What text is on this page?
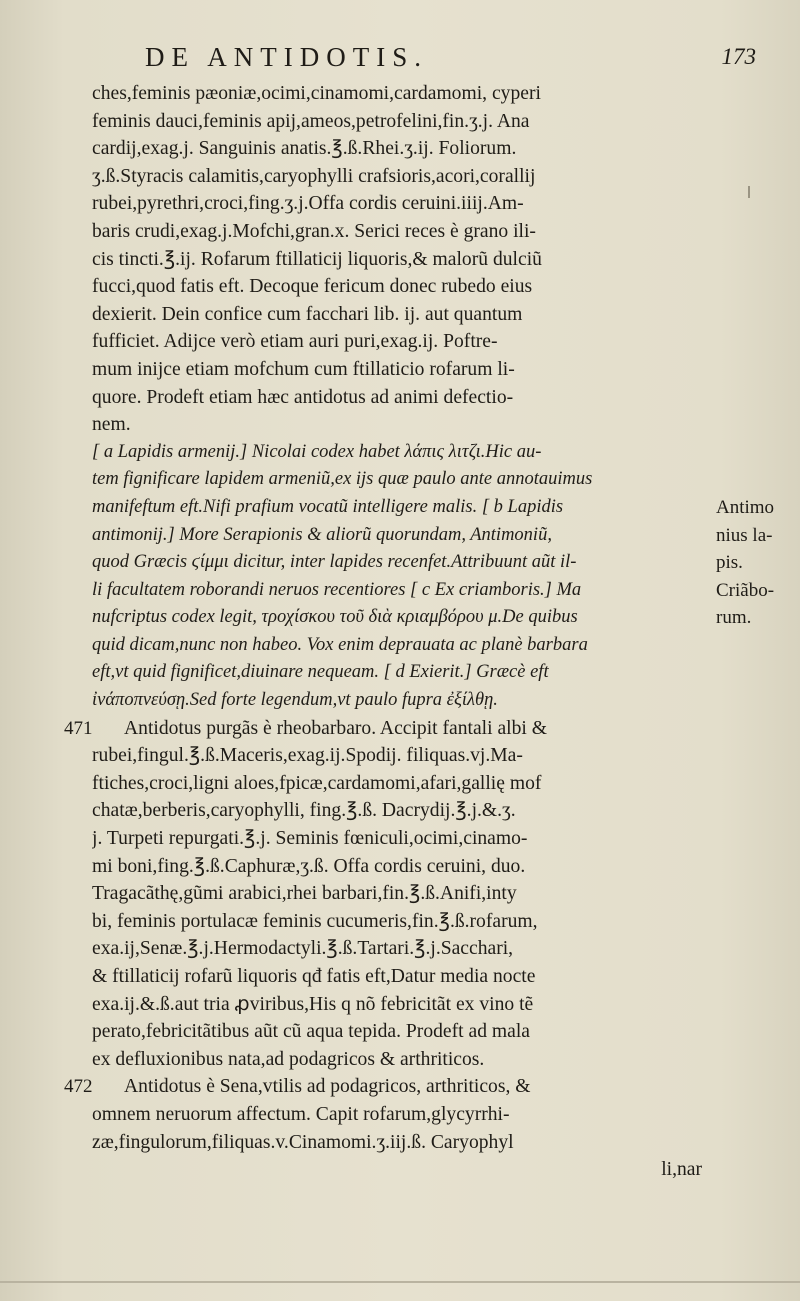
DE ANTIDOTIS.	173
ches,feminis pæoniæ,ocimi,cinamomi,cardamomi, cyperi
feminis dauci,feminis apij,ameos,petrofelini,fin.ʒ.j. Ana
cardij,exag.j. Sanguinis anatis.℥.ß.Rhei.ʒ.ij. Foliorum.
ʒ.ß.Styracis calamitis,caryophylli crafsioris,acori,corallij
rubei,pyrethri,croci,fing.ʒ.j.Offa cordis ceruini.iiij.Am-
baris crudi,exag.j.Mofchi,gran.x. Serici reces è grano ili-
cis tincti.℥.ij. Rofarum ftillaticij liquoris,& malorũ dulciũ
fucci,quod fatis eft. Decoque fericum donec rubedo eius
dexierit. Dein confice cum facchari lib. ij. aut quantum
fufficiet. Adijce verò etiam auri puri,exag.ij. Poftre-
mum inijce etiam mofchum cum ftillaticio rofarum li-
quore. Prodeft etiam hæc antidotus ad animi defectio-
nem.
[ a Lapidis armenij.] Nicolai codex habet λάπις λιτζι.Hic au-
tem fignificare lapidem armeniũ,ex ijs quæ paulo ante annotauimus
manifeftum eft.Nifi prafium vocatũ intelligere malis. [ b Lapidis
antimonij.] More Serapionis & aliorũ quorundam, Antimoniũ,
quod Græcis ϛίμμι dicitur, inter lapides recenfet.Attribuunt aũt il-
li facultatem roborandi neruos recentiores [ c Ex criamboris.] Ma
nufcriptus codex legit, τροχίσκου τοῦ διὰ κριαμβόρου μ.De quibus
quid dicam,nunc non habeo. Vox enim deprauata ac planè barbara
eft,vt quid fignificet,diuinare nequeam. [ d Exierit.] Græcè eft
ἰνάποπνεύσῃ.Sed forte legendum,vt paulo fupra ἐξίλθῃ.
Antidotus purgãs è rheobarbaro. Accipit fantali albi &
471
rubei,fingul.℥.ß.Maceris,exag.ij.Spodij. filiquas.vj.Ma-
ftiches,croci,ligni aloes,fpicæ,cardamomi,afari,gallię mof
chatæ,berberis,caryophylli, fing.℥.ß. Dacrydij.℥.j.&.ʒ.
j. Turpeti repurgati.℥.j. Seminis fœniculi,ocimi,cinamo-
mi boni,fing.℥.ß.Caphuræ,ʒ.ß. Offa cordis ceruini, duo.
Tragacãthę,gũmi arabici,rhei barbari,fin.℥.ß.Anifi,inty
bi, feminis portulacæ feminis cucumeris,fin.℥.ß.rofarum,
exa.ij,Senæ.℥.j.Hermodactyli.℥.ß.Tartari.℥.j.Sacchari,
& ftillaticij rofarũ liquoris qđ fatis eft,Datur media nocte
exa.ij.&.ß.aut tria ꝓviribus,His q nõ febricitãt ex vino tẽ
perato,febricitãtibus aũt cũ aqua tepida. Prodeft ad mala
ex defluxionibus nata,ad podagricos & arthriticos.
Antidotus è Sena,vtilis ad podagricos, arthriticos, &
472
omnem neruorum affectum. Capit rofarum,glycyrrhi-
zæ,fingulorum,filiquas.v.Cinamomi.ʒ.iij.ß. Caryophyl
li,nar
Antimo
nius la-
pis.
Criãbo-
rum.
